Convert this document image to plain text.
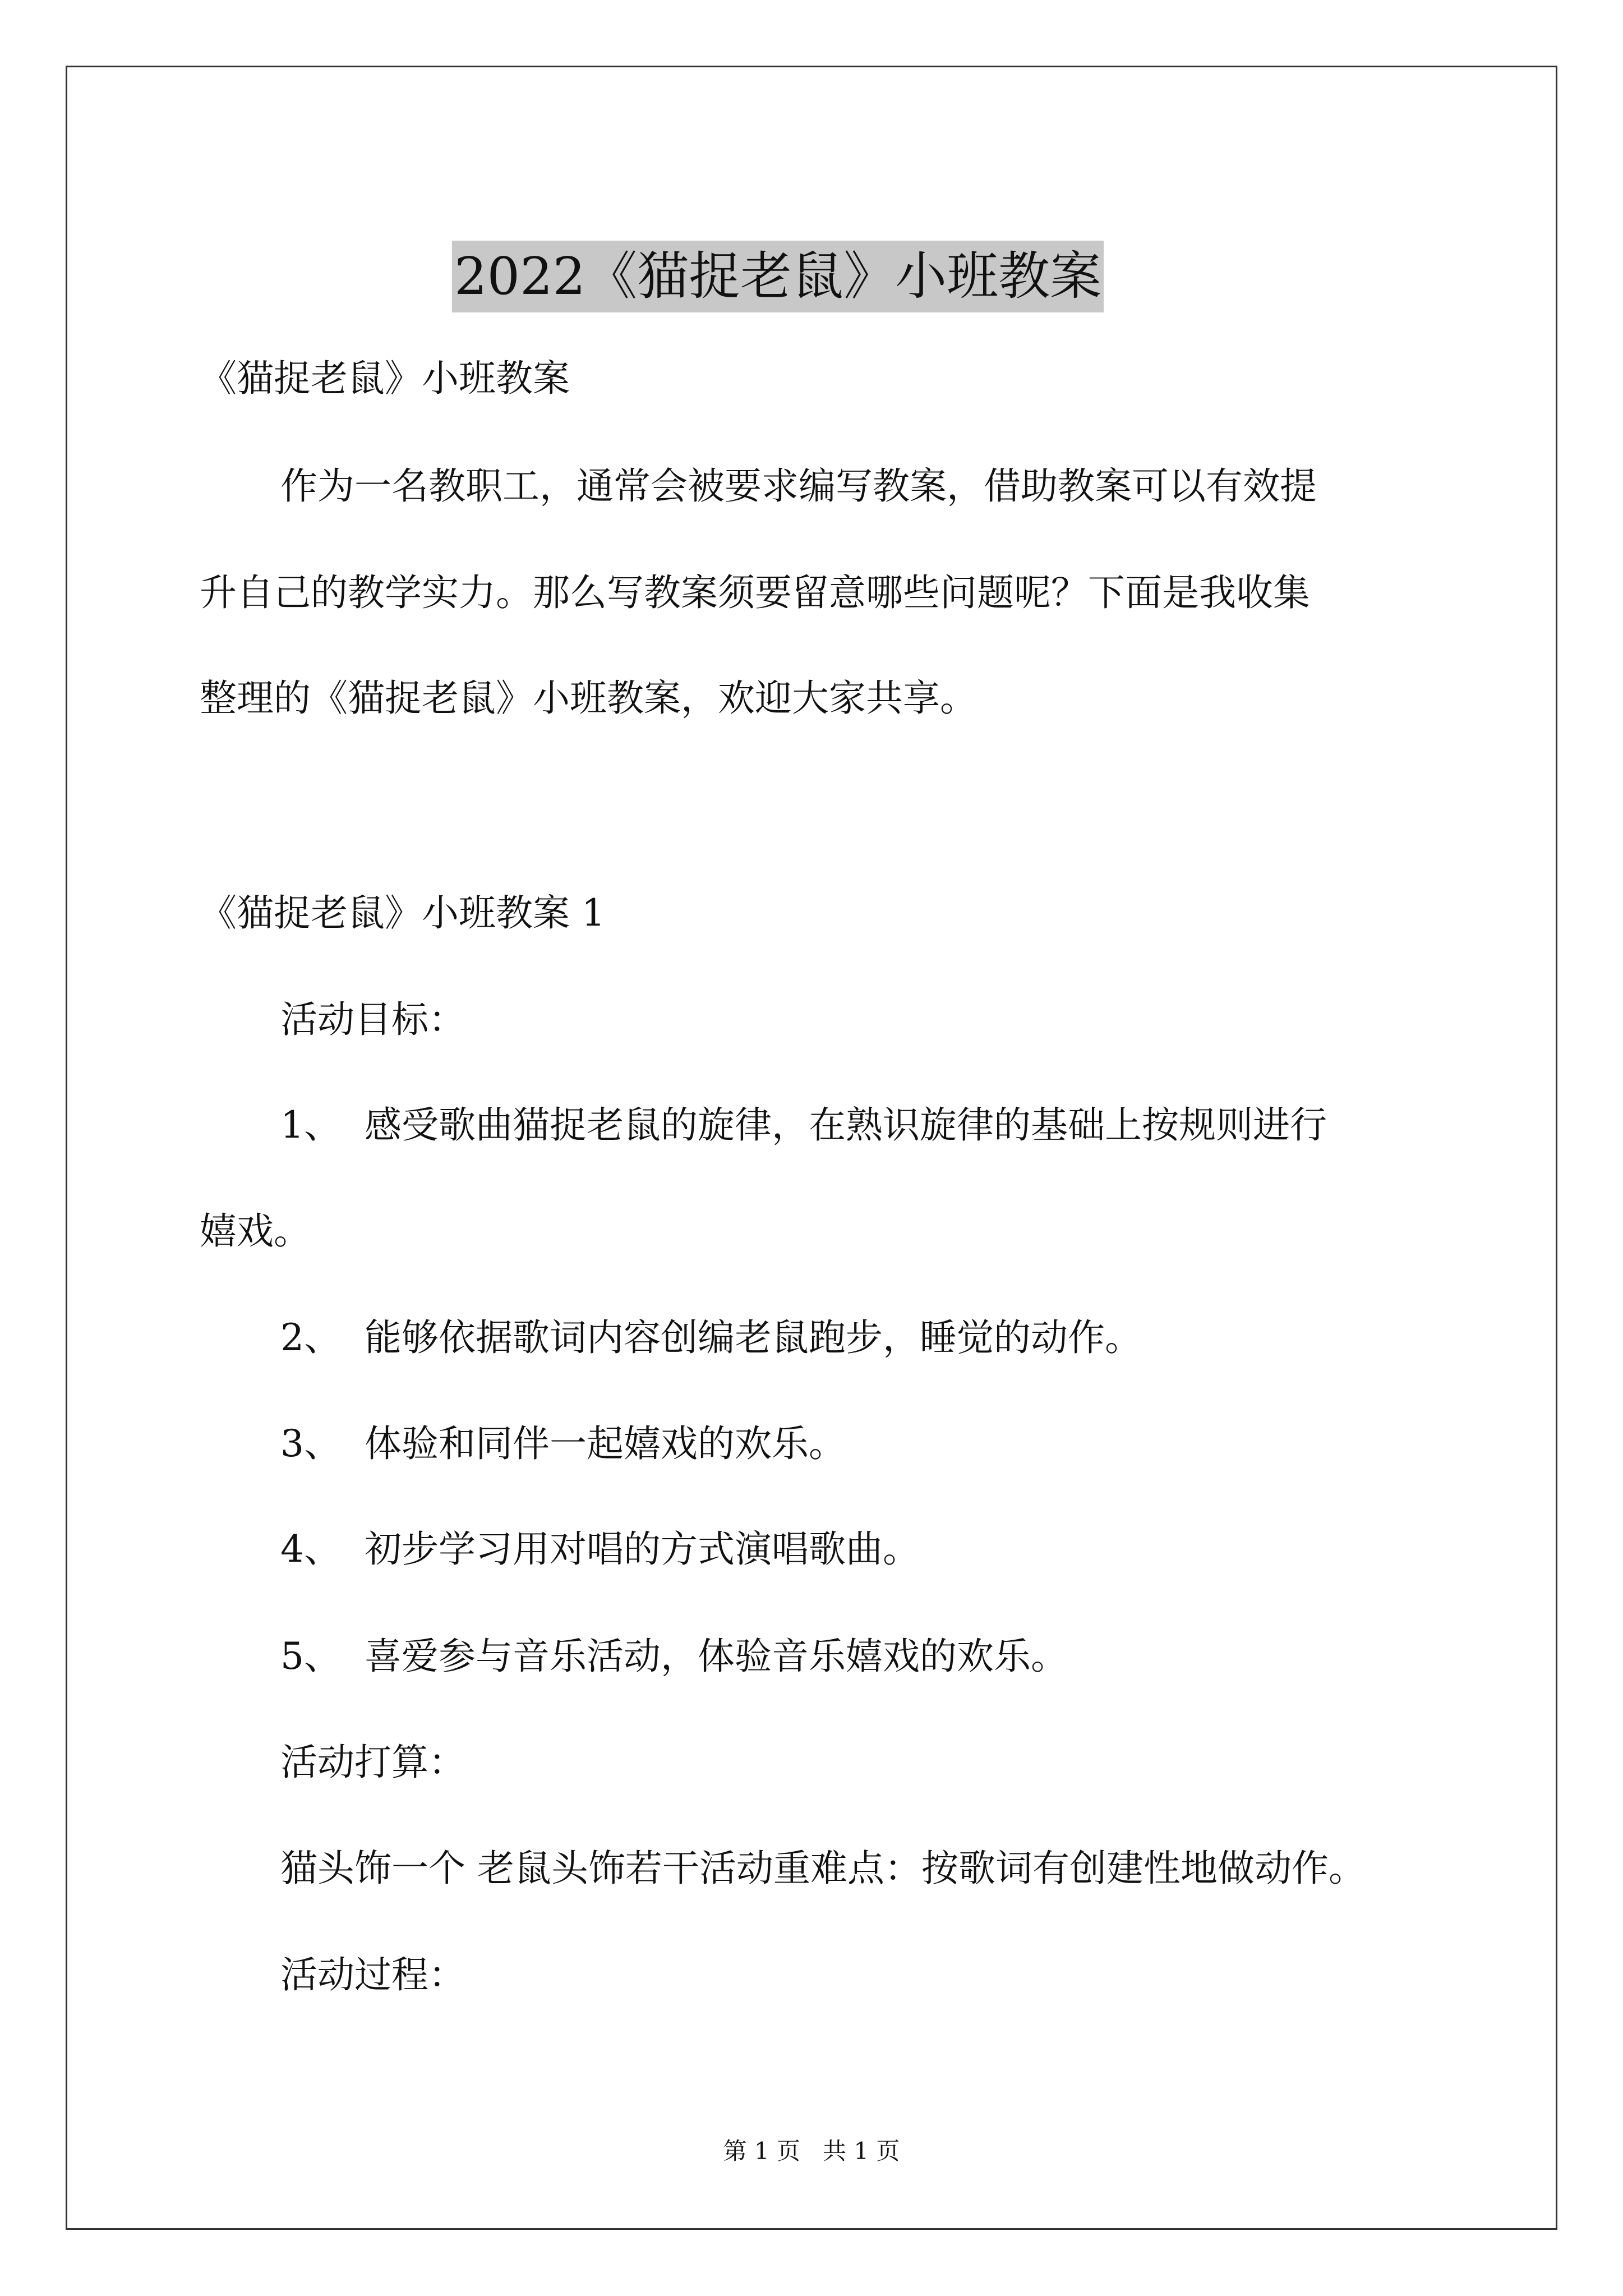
2022《猫捉老鼠》小班教案
《猫捉老鼠》小班教案
作为一名教职工，通常会被要求编写教案，借助教案可以有效提
升自己的教学实力。那么写教案须要留意哪些问题呢？下面是我收集
整理的《猫捉老鼠》小班教案，欢迎大家共享。
《猫捉老鼠》小班教案 1
活动目标：
1、 感受歌曲猫捉老鼠的旋律，在熟识旋律的基础上按规则进行
嬉戏。
2、 能够依据歌词内容创编老鼠跑步，睡觉的动作。
3、 体验和同伴一起嬉戏的欢乐。
4、 初步学习用对唱的方式演唱歌曲。
5、 喜爱参与音乐活动，体验音乐嬉戏的欢乐。
活动打算：
猫头饰一个 老鼠头饰若干活动重难点：按歌词有创建性地做动作。
活动过程：
第 1 页 共 1 页
